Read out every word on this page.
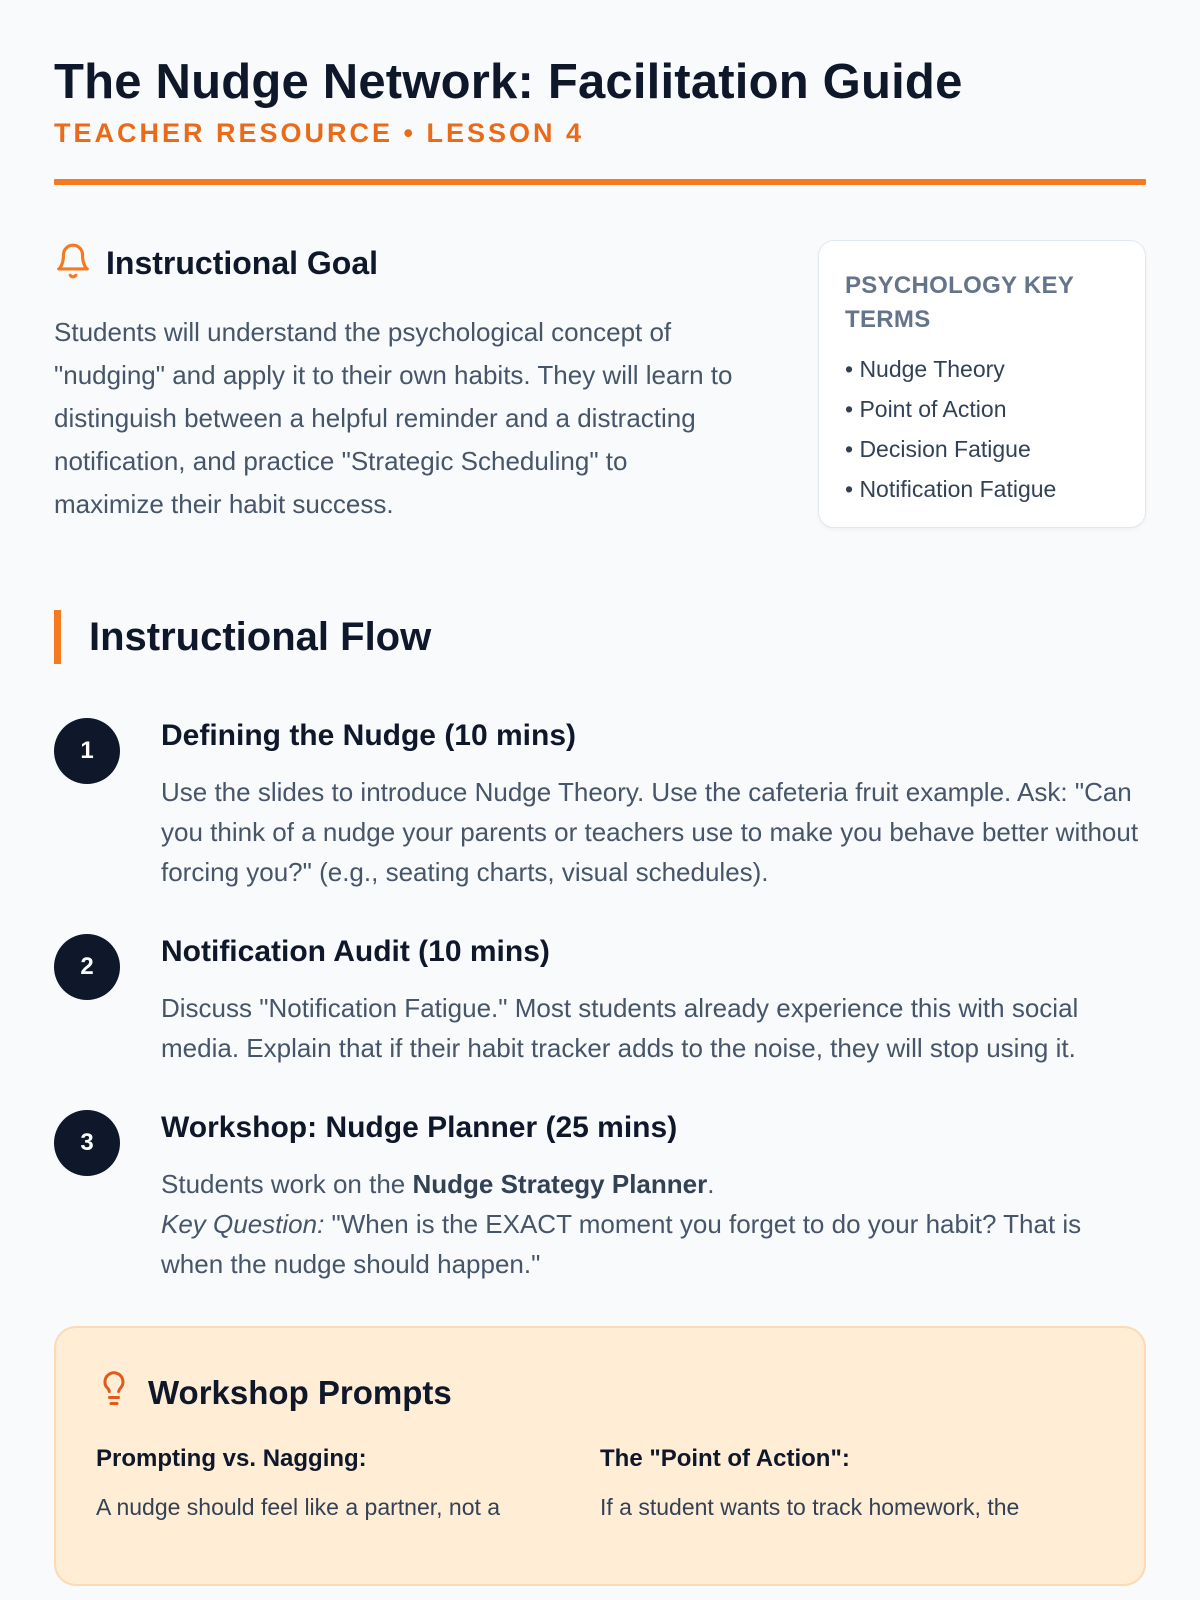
The Nudge Network: Facilitation Guide
TEACHER RESOURCE • LESSON 4
Instructional Goal

Students will understand the psychological concept of "nudging" and apply it to their own habits. They will learn to distinguish between a helpful reminder and a distracting notification, and practice "Strategic Scheduling" to maximize their habit success.

PSYCHOLOGY KEY TERMS
• Nudge Theory
• Point of Action
• Decision Fatigue
• Notification Fatigue
Instructional Flow
1	Defining the Nudge (10 mins)

Use the slides to introduce Nudge Theory. Use the cafeteria fruit example. Ask: "Can you think of a nudge your parents or teachers use to make you behave better without forcing you?" (e.g., seating charts, visual schedules).

2	Notification Audit (10 mins)

Discuss "Notification Fatigue." Most students already experience this with social media. Explain that if their habit tracker adds to the noise, they will stop using it.

3	Workshop: Nudge Planner (25 mins)

Students work on the Nudge Strategy Planner.
Key Question: "When is the EXACT moment you forget to do your habit? That is when the nudge should happen."

Workshop Prompts
Prompting vs. Nagging:

A nudge should feel like a partner, not a

The "Point of Action":

If a student wants to track homework, the
